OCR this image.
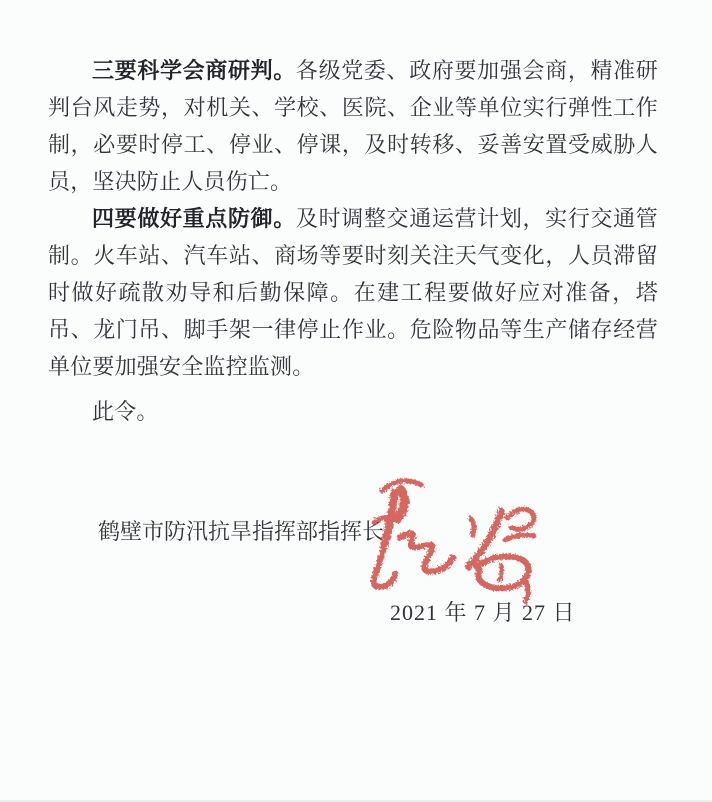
三要科学会商研判。各级党委、政府要加强会商，精准研判台风走势，对机关、学校、医院、企业等单位实行弹性工作制，必要时停工、停业、停课，及时转移、妥善安置受威胁人员，坚决防止人员伤亡。

四要做好重点防御。及时调整交通运营计划，实行交通管制。火车站、汽车站、商场等要时刻关注天气变化，人员滞留时做好疏散劝导和后勤保障。在建工程要做好应对准备，塔吊、龙门吊、脚手架一律停止作业。危险物品等生产储存经营单位要加强安全监控监测。

此令。

鹤壁市防汛抗旱指挥部指挥长
2021 年 7 月 27 日
